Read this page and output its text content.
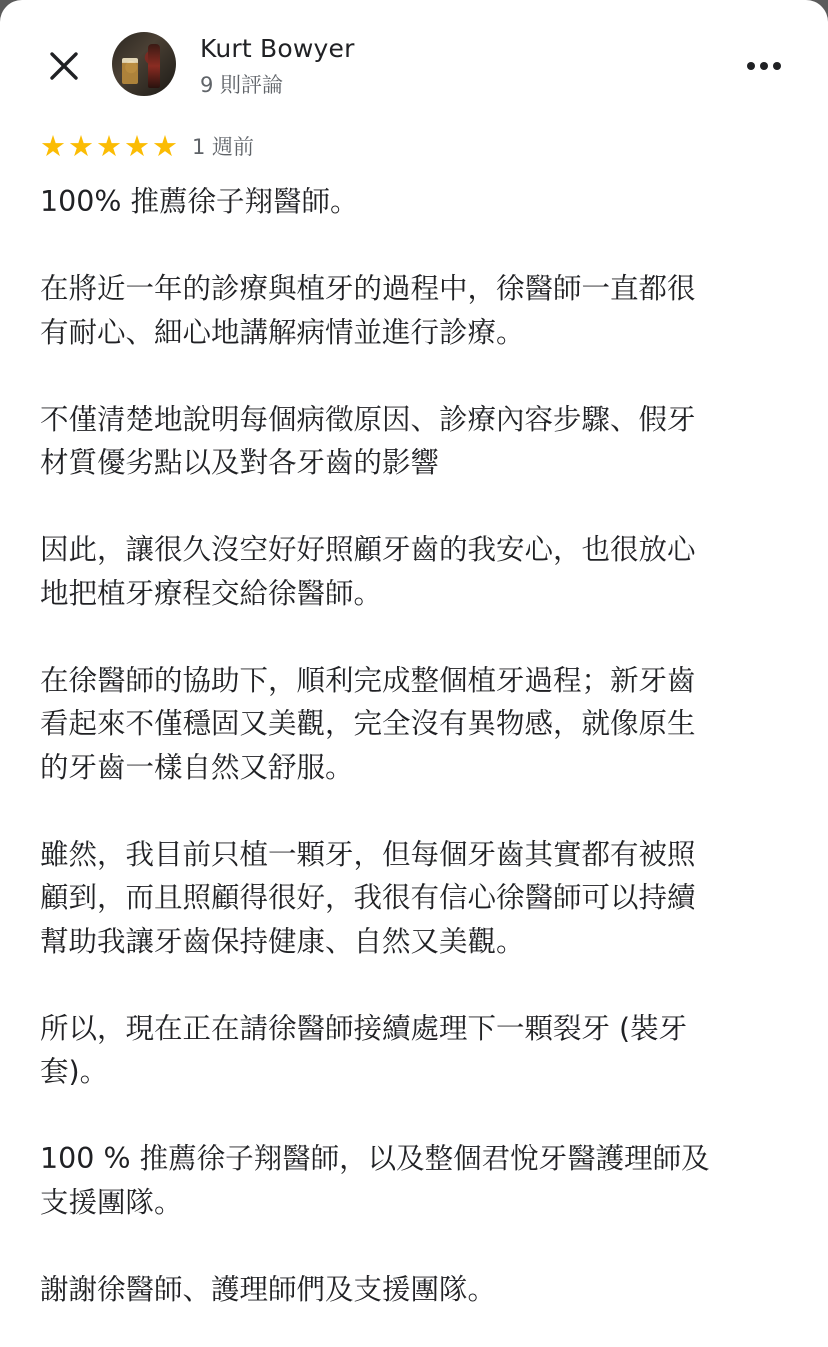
Kurt Bowyer
9 則評論
★ ★ ★ ★ ★ 1 週前

100% 推薦徐子翔醫師。

在將近一年的診療與植牙的過程中，徐醫師一直都很
有耐心、細心地講解病情並進行診療。

不僅清楚地說明每個病徵原因、診療內容步驟、假牙
材質優劣點以及對各牙齒的影響

因此，讓很久沒空好好照顧牙齒的我安心，也很放心
地把植牙療程交給徐醫師。

在徐醫師的協助下，順利完成整個植牙過程；新牙齒
看起來不僅穩固又美觀，完全沒有異物感，就像原生
的牙齒一樣自然又舒服。

雖然，我目前只植一顆牙，但每個牙齒其實都有被照
顧到，而且照顧得很好，我很有信心徐醫師可以持續
幫助我讓牙齒保持健康、自然又美觀。

所以，現在正在請徐醫師接續處理下一顆裂牙 (裝牙
套)。

100 % 推薦徐子翔醫師，以及整個君悅牙醫護理師及
支援團隊。

謝謝徐醫師、護理師們及支援團隊。
